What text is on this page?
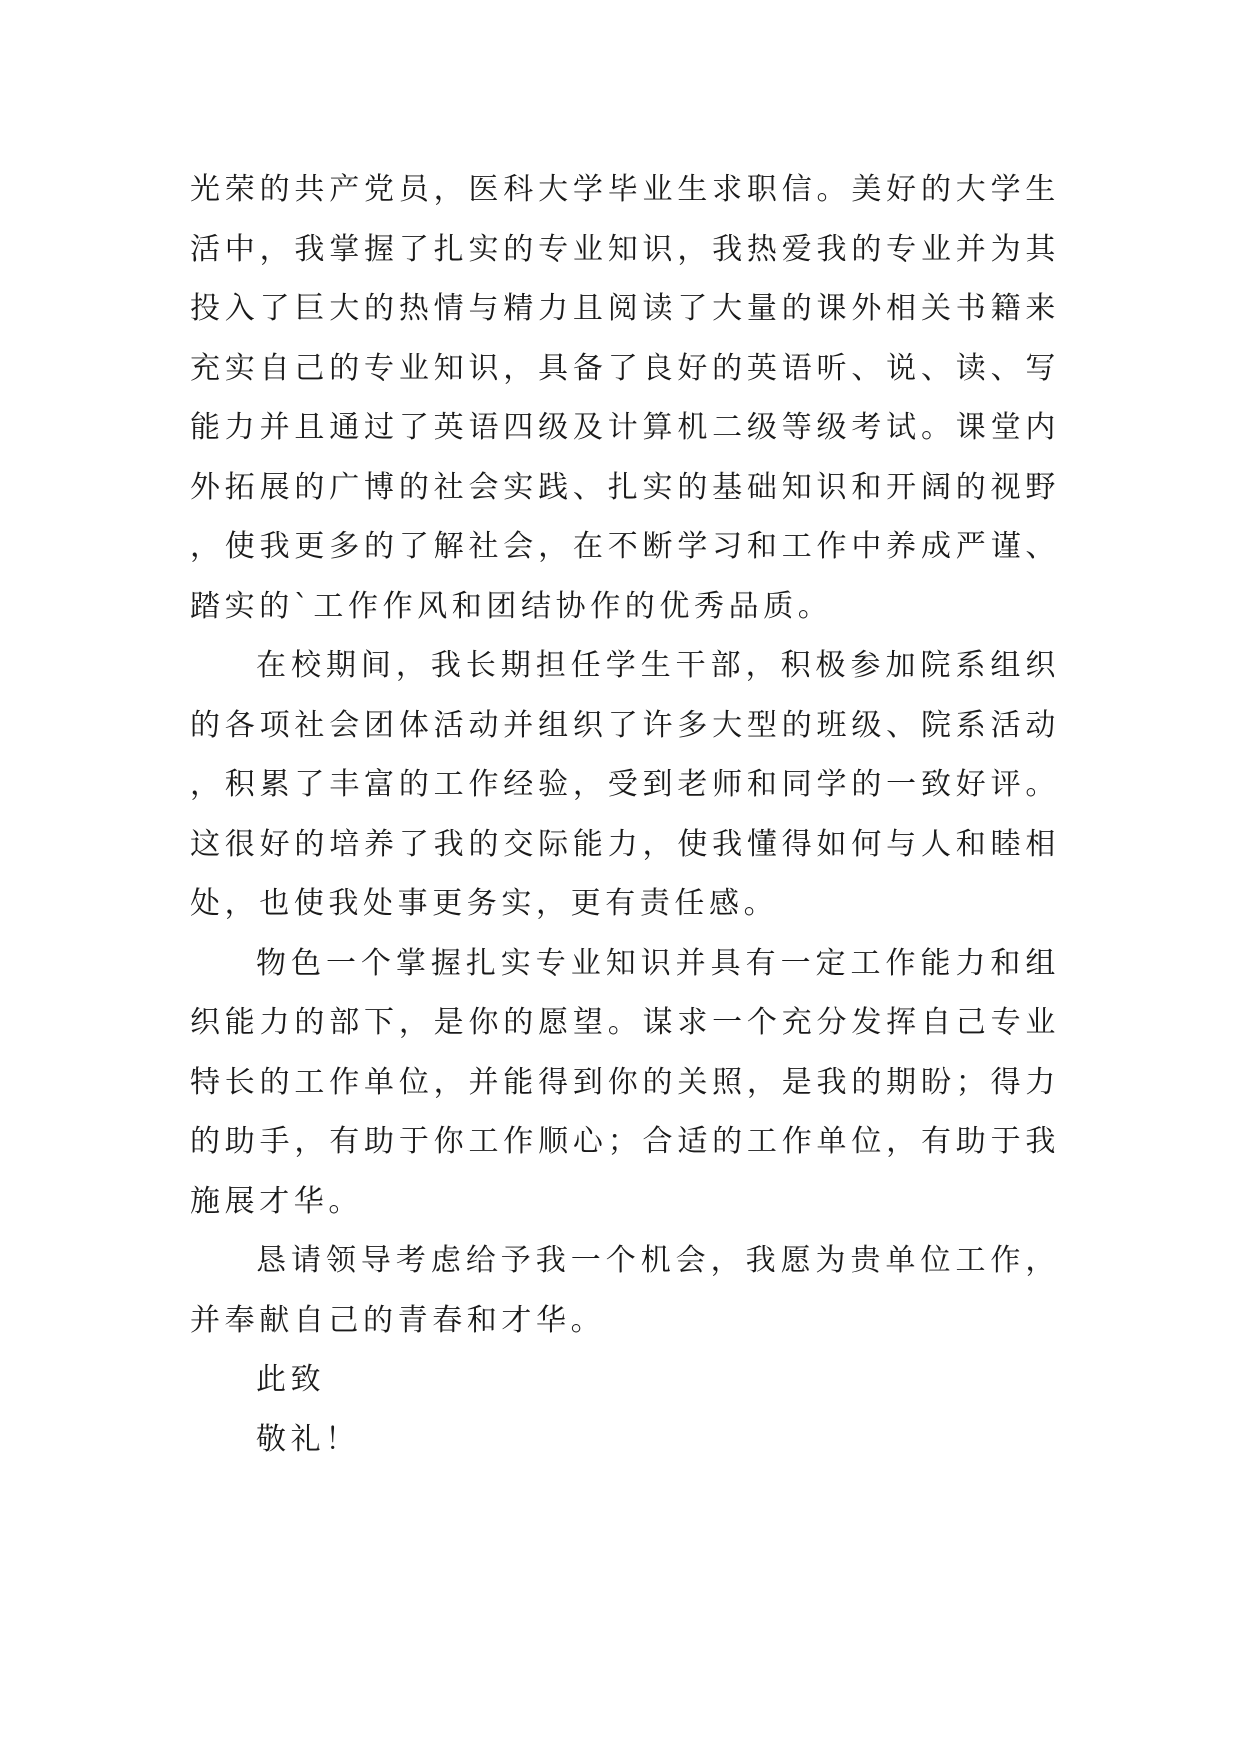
光荣的共产党员，医科大学毕业生求职信。美好的大学生活中，我掌握了扎实的专业知识，我热爱我的专业并为其投入了巨大的热情与精力且阅读了大量的课外相关书籍来充实自己的专业知识，具备了良好的英语听、说、读、写能力并且通过了英语四级及计算机二级等级考试。课堂内外拓展的广博的社会实践、扎实的基础知识和开阔的视野，使我更多的了解社会，在不断学习和工作中养成严谨、踏实的`工作作风和团结协作的优秀品质。

在校期间，我长期担任学生干部，积极参加院系组织的各项社会团体活动并组织了许多大型的班级、院系活动，积累了丰富的工作经验，受到老师和同学的一致好评。这很好的培养了我的交际能力，使我懂得如何与人和睦相处，也使我处事更务实，更有责任感。

物色一个掌握扎实专业知识并具有一定工作能力和组织能力的部下，是你的愿望。谋求一个充分发挥自己专业特长的工作单位，并能得到你的关照，是我的期盼；得力的助手，有助于你工作顺心；合适的工作单位，有助于我施展才华。

恳请领导考虑给予我一个机会，我愿为贵单位工作，并奉献自己的青春和才华。

此致

敬礼！
